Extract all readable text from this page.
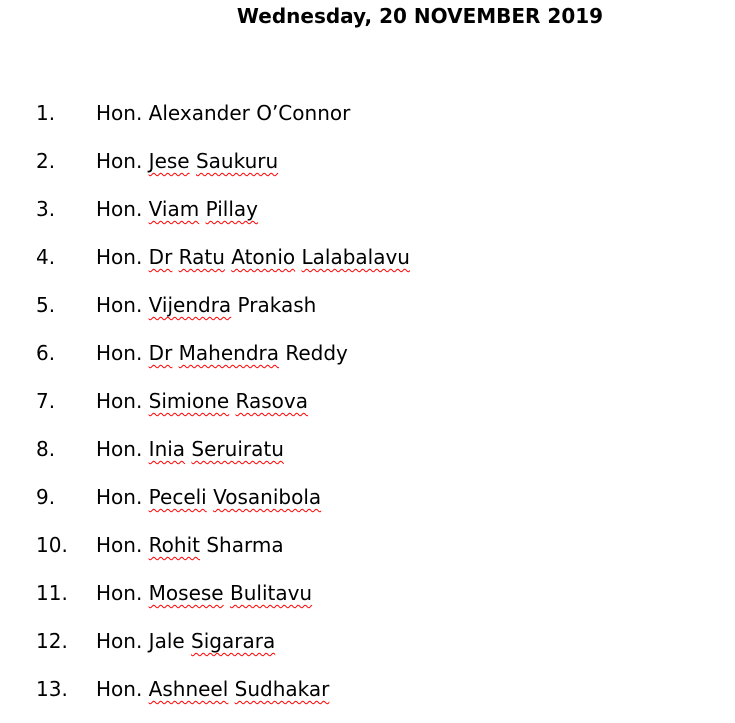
Wednesday, 20 NOVEMBER 2019
1. Hon. Alexander O’Connor
2. Hon. Jese Saukuru
3. Hon. Viam Pillay
4. Hon. Dr Ratu Atonio Lalabalavu
5. Hon. Vijendra Prakash
6. Hon. Dr Mahendra Reddy
7. Hon. Simione Rasova
8. Hon. Inia Seruiratu
9. Hon. Peceli Vosanibola
10. Hon. Rohit Sharma
11. Hon. Mosese Bulitavu
12. Hon. Jale Sigarara
13. Hon. Ashneel Sudhakar
